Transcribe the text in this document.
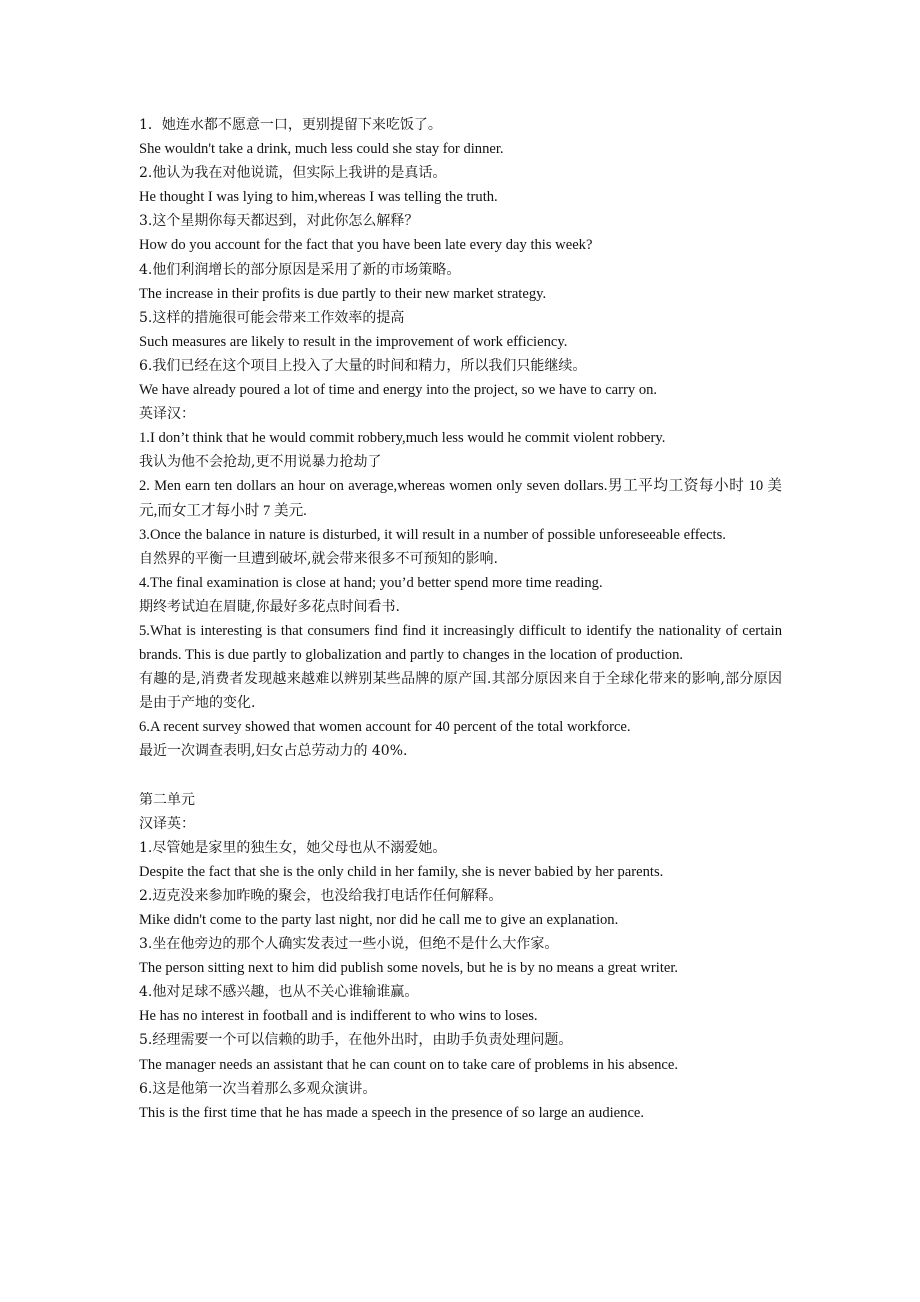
1．她连水都不愿意一口，更别提留下来吃饭了。
She wouldn't take a drink, much less could she stay for dinner.
2.他认为我在对他说谎，但实际上我讲的是真话。
He thought I was lying to him,whereas I was telling the truth.
3.这个星期你每天都迟到，对此你怎么解释？
How do you account for the fact that you have been late every day this week?
4.他们利润增长的部分原因是采用了新的市场策略。
The increase in their profits is due partly to their new market strategy.
5.这样的措施很可能会带来工作效率的提高
Such measures are likely to result in the improvement of work efficiency.
6.我们已经在这个项目上投入了大量的时间和精力，所以我们只能继续。
We have already poured a lot of time and energy into the project, so we have to carry on.
英译汉：
1.I don’t think that he would commit robbery,much less would he commit violent robbery.
我认为他不会抢劫,更不用说暴力抢劫了
2. Men earn ten dollars an hour on average,whereas women only seven dollars.男工平均工资每小时 10 美元,而女工才每小时 7 美元.
3.Once the balance in nature is disturbed, it will result in a number of possible unforeseeable effects.
自然界的平衡一旦遭到破坏,就会带来很多不可预知的影响.
4.The final examination is close at hand; you’d better spend more time reading.
期终考试迫在眉睫,你最好多花点时间看书.
5.What is interesting is that consumers find find it increasingly difficult to identify the nationality of certain brands. This is due partly to globalization and partly to changes in the location of production.
有趣的是,消费者发现越来越难以辨别某些品牌的原产国.其部分原因来自于全球化带来的影响,部分原因是由于产地的变化.
6.A recent survey showed that women account for 40 percent of the total workforce.
最近一次调查表明,妇女占总劳动力的 40%.
第二单元
汉译英：
1.尽管她是家里的独生女，她父母也从不溺爱她。
Despite the fact that she is the only child in her family, she is never babied by her parents.
2.迈克没来参加昨晚的聚会，也没给我打电话作任何解释。
Mike didn't come to the party last night, nor did he call me to give an explanation.
3.坐在他旁边的那个人确实发表过一些小说，但绝不是什么大作家。
The person sitting next to him did publish some novels, but he is by no means a great writer.
4.他对足球不感兴趣，也从不关心谁输谁赢。
He has no interest in football and is indifferent to who wins to loses.
5.经理需要一个可以信赖的助手，在他外出时，由助手负责处理问题。
The manager needs an assistant that he can count on to take care of problems in his absence.
6.这是他第一次当着那么多观众演讲。
This is the first time that he has made a speech in the presence of so large an audience.
